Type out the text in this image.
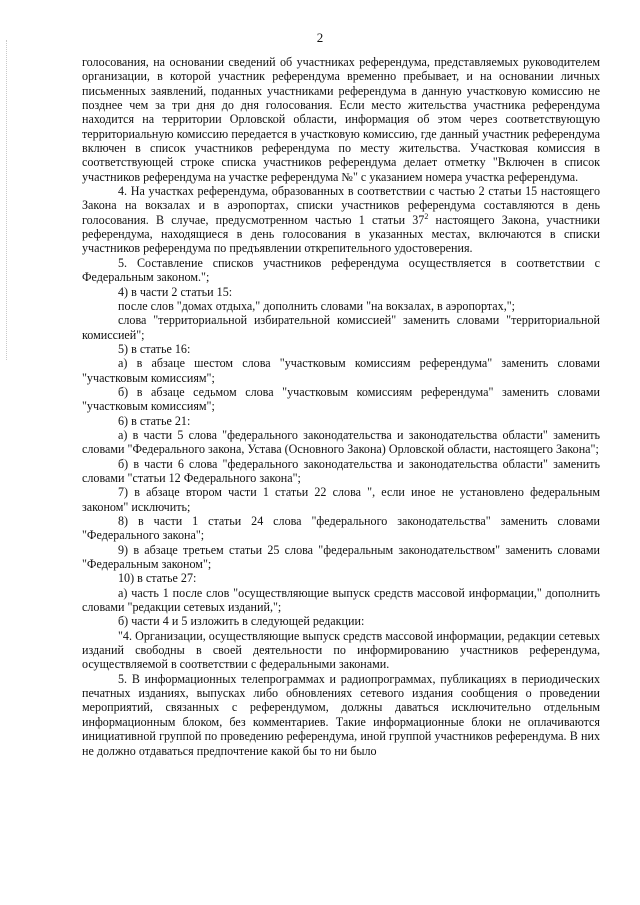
2

голосования, на основании сведений об участниках референдума, представляемых руководителем организации, в которой участник референдума временно пребывает, и на основании личных письменных заявлений, поданных участниками референдума в данную участковую комиссию не позднее чем за три дня до дня голосования. Если место жительства участника референдума находится на территории Орловской области, информация об этом через соответствующую территориальную комиссию передается в участковую комиссию, где данный участник референдума включен в список участников референдума по месту жительства. Участковая комиссия в соответствующей строке списка участников референдума делает отметку "Включен в список участников референдума на участке референдума №" с указанием номера участка референдума.

4. На участках референдума, образованных в соответствии с частью 2 статьи 15 настоящего Закона на вокзалах и в аэропортах, списки участников референдума составляются в день голосования. В случае, предусмотренном частью 1 статьи $37^2$ настоящего Закона, участники референдума, находящиеся в день голосования в указанных местах, включаются в списки участников референдума по предъявлении открепительного удостоверения.

5. Составление списков участников референдума осуществляется в соответствии с Федеральным законом.";

4) в части 2 статьи 15:

после слов "домах отдыха," дополнить словами "на вокзалах, в аэропортах,";

слова "территориальной избирательной комиссией" заменить словами "территориальной комиссией";

5) в статье 16:

а) в абзаце шестом слова "участковым комиссиям референдума" заменить словами "участковым комиссиям";

б) в абзаце седьмом слова "участковым комиссиям референдума" заменить словами "участковым комиссиям";

6) в статье 21:

а) в части 5 слова "федерального законодательства и законодательства области" заменить словами "Федерального закона, Устава (Основного Закона) Орловской области, настоящего Закона";

б) в части 6 слова "федерального законодательства и законодательства области" заменить словами "статьи 12 Федерального закона";

7) в абзаце втором части 1 статьи 22 слова ", если иное не установлено федеральным законом" исключить;

8) в части 1 статьи 24 слова "федерального законодательства" заменить словами "Федерального закона";

9) в абзаце третьем статьи 25 слова "федеральным законодательством" заменить словами "Федеральным законом";

10) в статье 27:

а) часть 1 после слов "осуществляющие выпуск средств массовой информации," дополнить словами "редакции сетевых изданий,";

б) части 4 и 5 изложить в следующей редакции:

"4. Организации, осуществляющие выпуск средств массовой информации, редакции сетевых изданий свободны в своей деятельности по информированию участников референдума, осуществляемой в соответствии с федеральными законами.

5. В информационных телепрограммах и радиопрограммах, публикациях в периодических печатных изданиях, выпусках либо обновлениях сетевого издания сообщения о проведении мероприятий, связанных с референдумом, должны даваться исключительно отдельным информационным блоком, без комментариев. Такие информационные блоки не оплачиваются инициативной группой по проведению референдума, иной группой участников референдума. В них не должно отдаваться предпочтение какой бы то ни было
